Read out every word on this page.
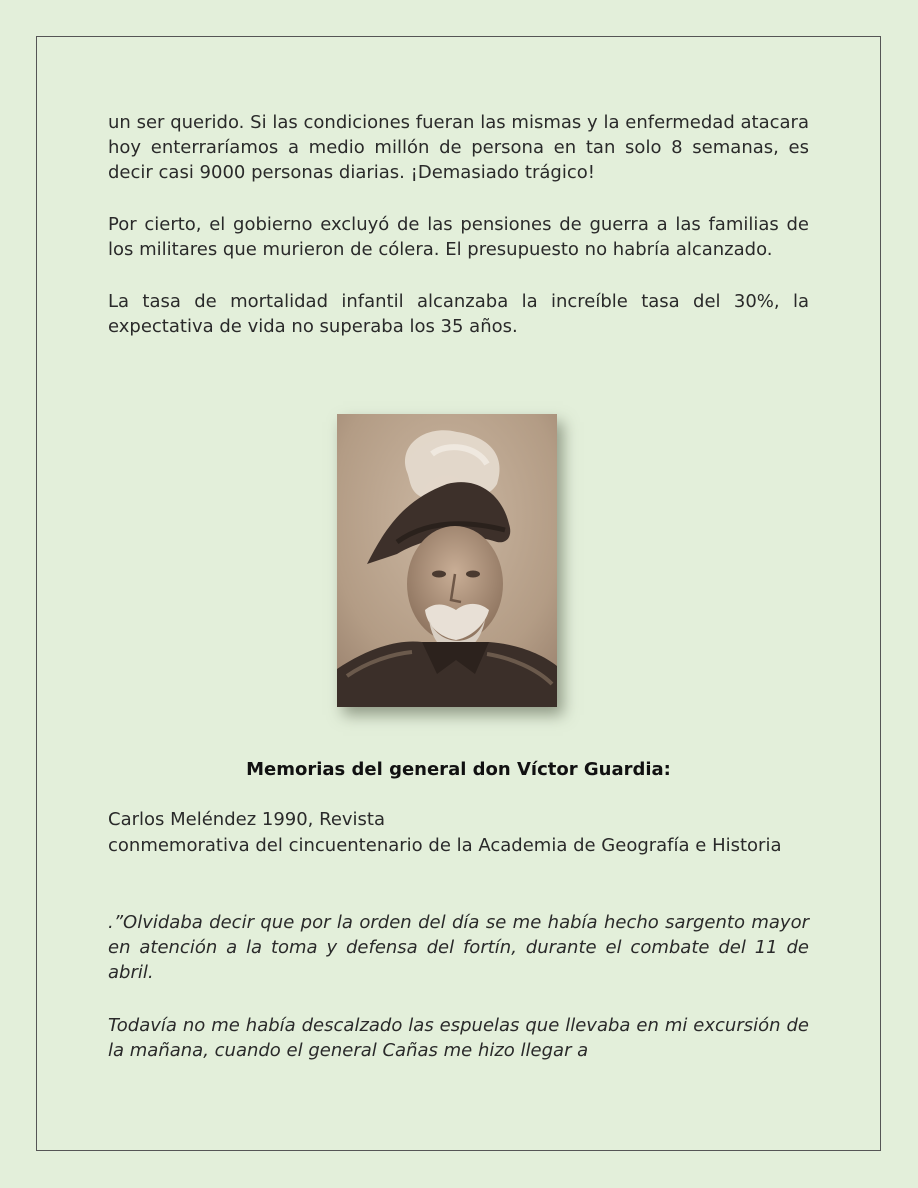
un ser querido. Si las condiciones fueran las mismas y la enfermedad atacara hoy enterraríamos a medio millón de persona en tan solo 8 semanas, es decir casi 9000 personas diarias. ¡Demasiado trágico!

Por cierto, el gobierno excluyó de las pensiones de guerra a las familias de los militares que murieron de cólera. El presupuesto no habría alcanzado.

La tasa de mortalidad infantil alcanzaba la increíble tasa del 30%, la expectativa de vida no superaba los 35 años.

Memorias del general don Víctor Guardia:

Carlos Meléndez 1990, Revista

conmemorativa del cincuentenario de la Academia de Geografía e Historia

.”Olvidaba decir que por la orden del día se me había hecho sargento mayor en atención a la toma y defensa del fortín, durante el combate del 11 de abril.

Todavía no me había descalzado las espuelas que llevaba en mi excursión de la mañana, cuando el general Cañas me hizo llegar a
